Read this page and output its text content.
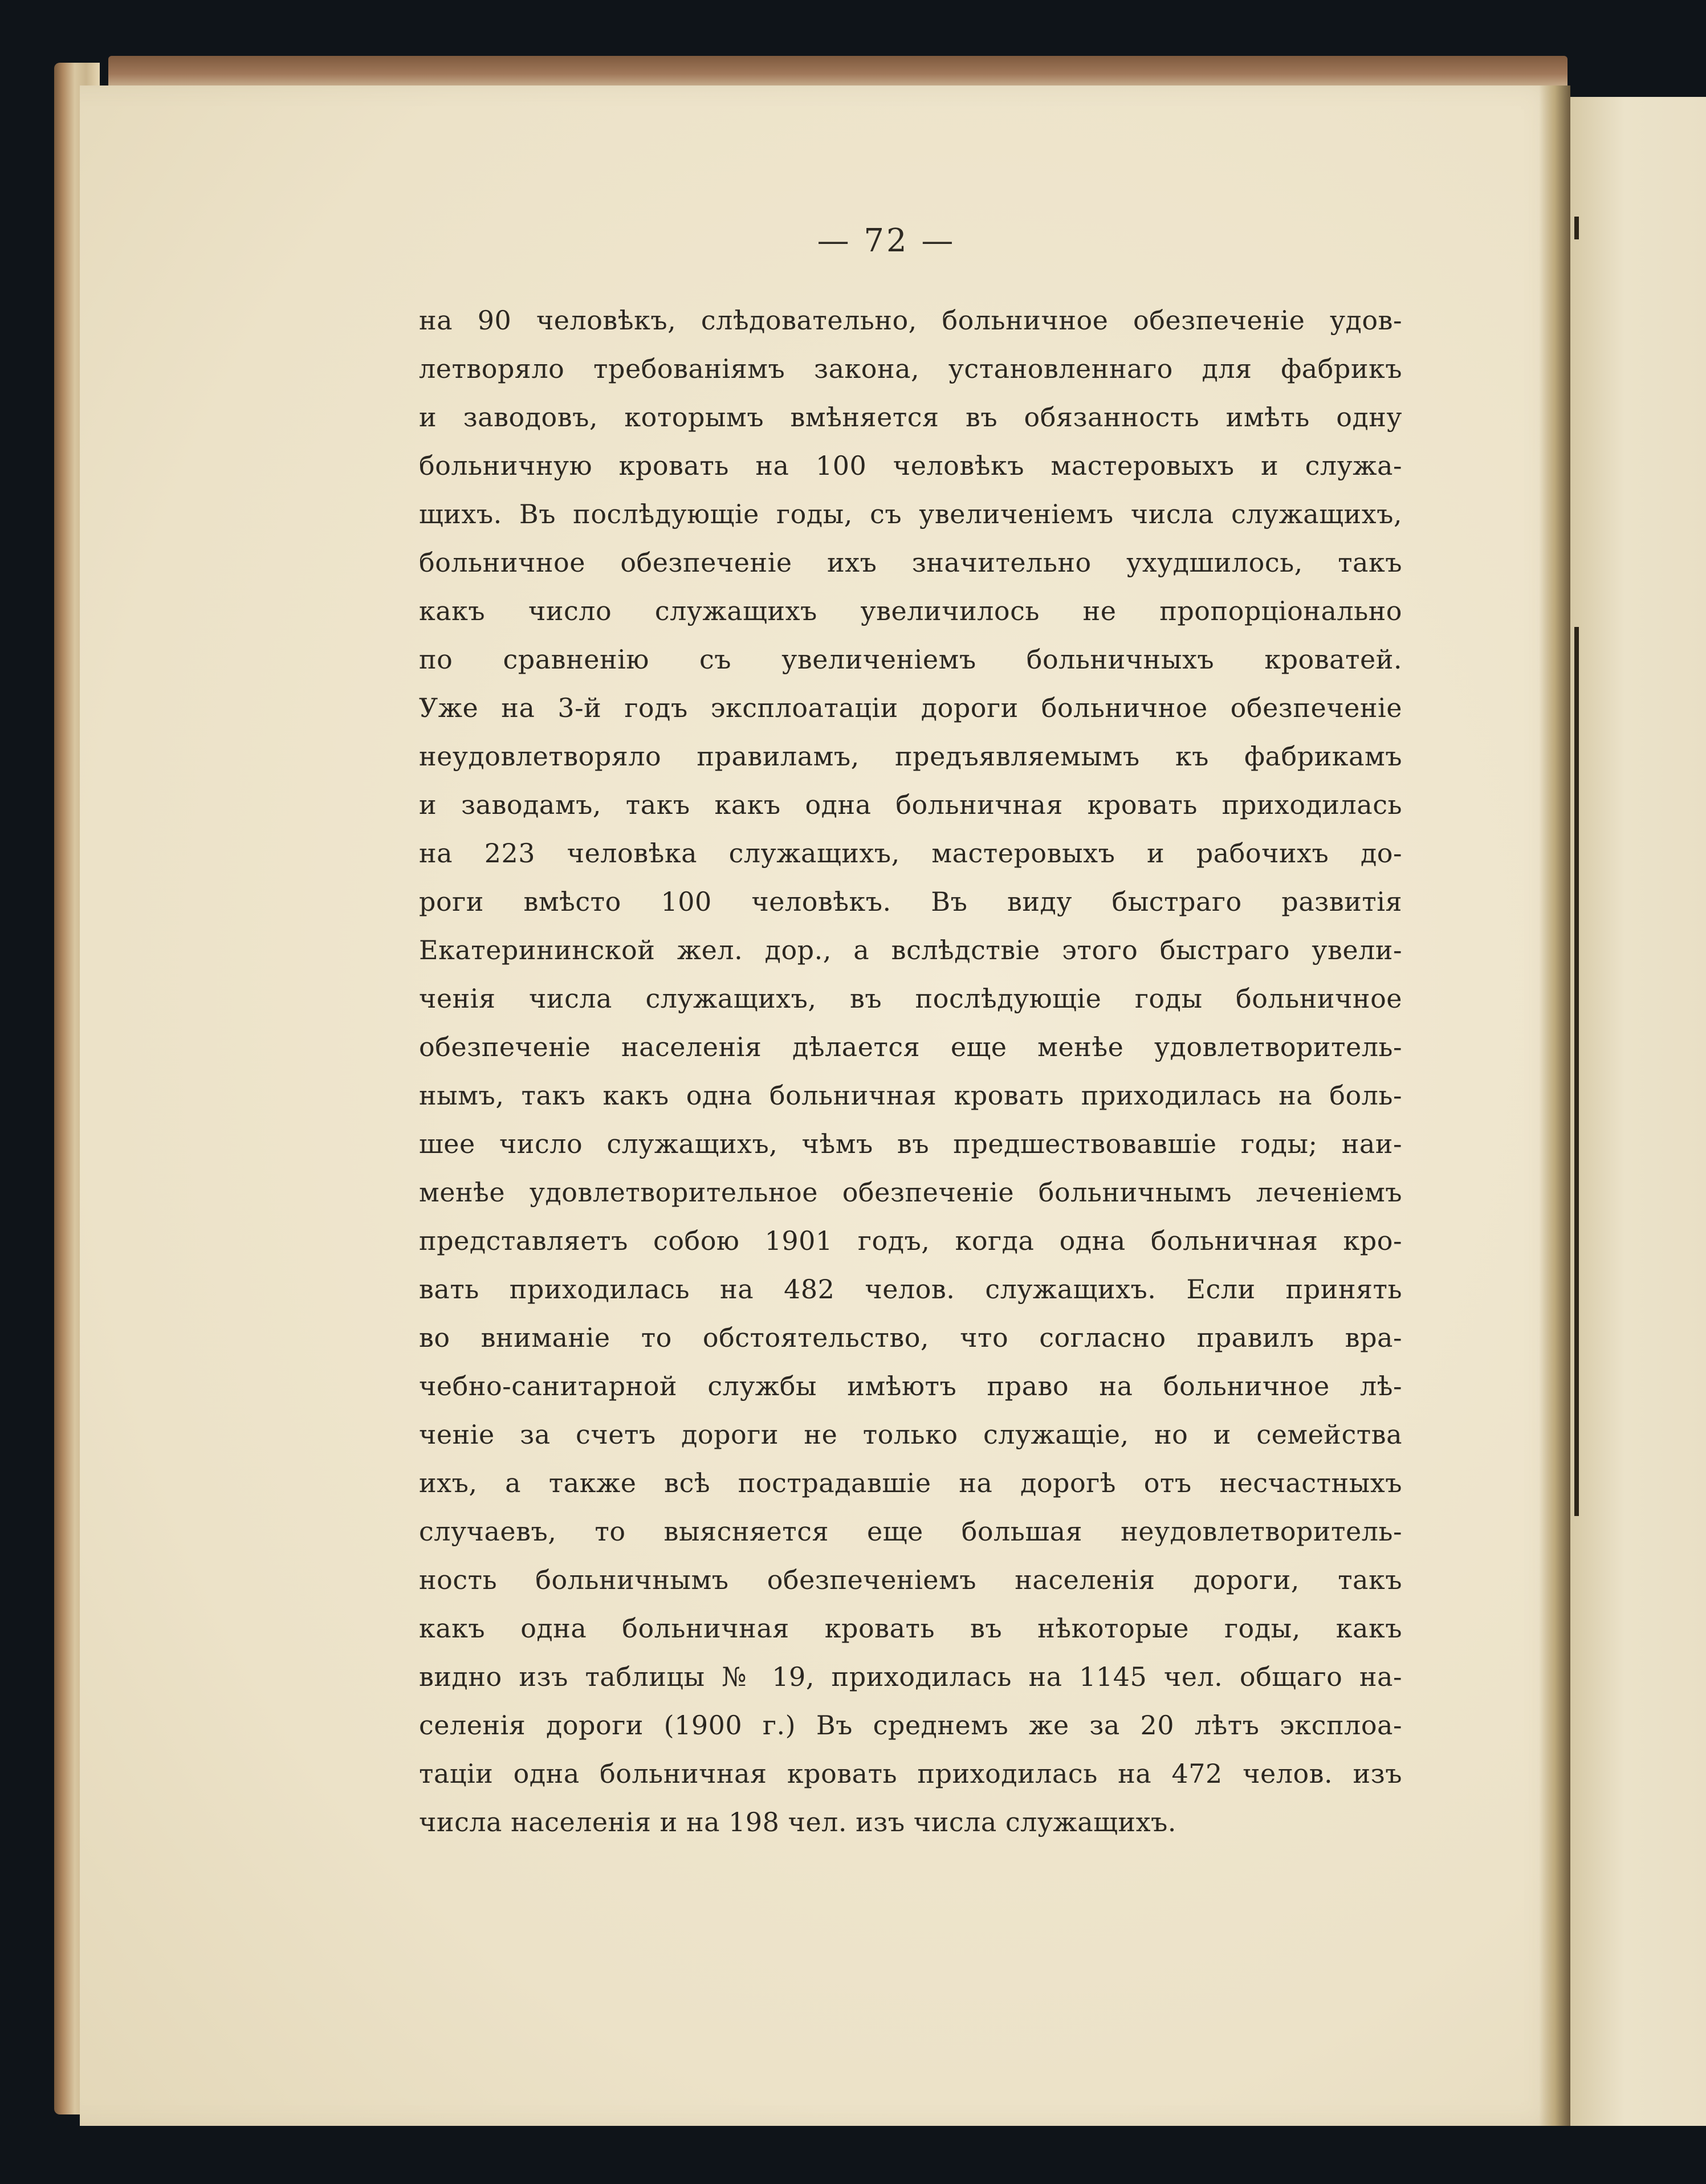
— 72 —
на 90 человѣкъ, слѣдовательно, больничное обезпеченіе удов-
летворяло требованіямъ закона, установленнаго для фабрикъ
и заводовъ, которымъ вмѣняется въ обязанность имѣть одну
больничную кровать на 100 человѣкъ мастеровыхъ и служа-
щихъ. Въ послѣдующіе годы, съ увеличеніемъ числа служащихъ,
больничное обезпеченіе ихъ значительно ухудшилось, такъ
какъ число служащихъ увеличилось не пропорціонально
по сравненію съ увеличеніемъ больничныхъ кроватей.
Уже на 3-й годъ эксплоатаціи дороги больничное обезпеченіе
неудовлетворяло правиламъ, предъявляемымъ къ фабрикамъ
и заводамъ, такъ какъ одна больничная кровать приходилась
на 223 человѣка служащихъ, мастеровыхъ и рабочихъ до-
роги вмѣсто 100 человѣкъ. Въ виду быстраго развитія
Екатерининской жел. дор., а вслѣдствіе этого быстраго увели-
ченія числа служащихъ, въ послѣдующіе годы больничное
обезпеченіе населенія дѣлается еще менѣе удовлетворитель-
нымъ, такъ какъ одна больничная кровать приходилась на боль-
шее число служащихъ, чѣмъ въ предшествовавшіе годы; наи-
менѣе удовлетворительное обезпеченіе больничнымъ леченіемъ
представляетъ собою 1901 годъ, когда одна больничная кро-
вать приходилась на 482 челов. служащихъ. Если принять
во вниманіе то обстоятельство, что согласно правилъ вра-
чебно-санитарной службы имѣютъ право на больничное лѣ-
ченіе за счетъ дороги не только служащіе, но и семейства
ихъ, а также всѣ пострадавшіе на дорогѣ отъ несчастныхъ
случаевъ, то выясняется еще большая неудовлетворитель-
ность больничнымъ обезпеченіемъ населенія дороги, такъ
какъ одна больничная кровать въ нѣкоторые годы, какъ
видно изъ таблицы № 19, приходилась на 1145 чел. общаго на-
селенія дороги (1900 г.) Въ среднемъ же за 20 лѣтъ эксплоа-
таціи одна больничная кровать приходилась на 472 челов. изъ
числа населенія и на 198 чел. изъ числа служащихъ.
